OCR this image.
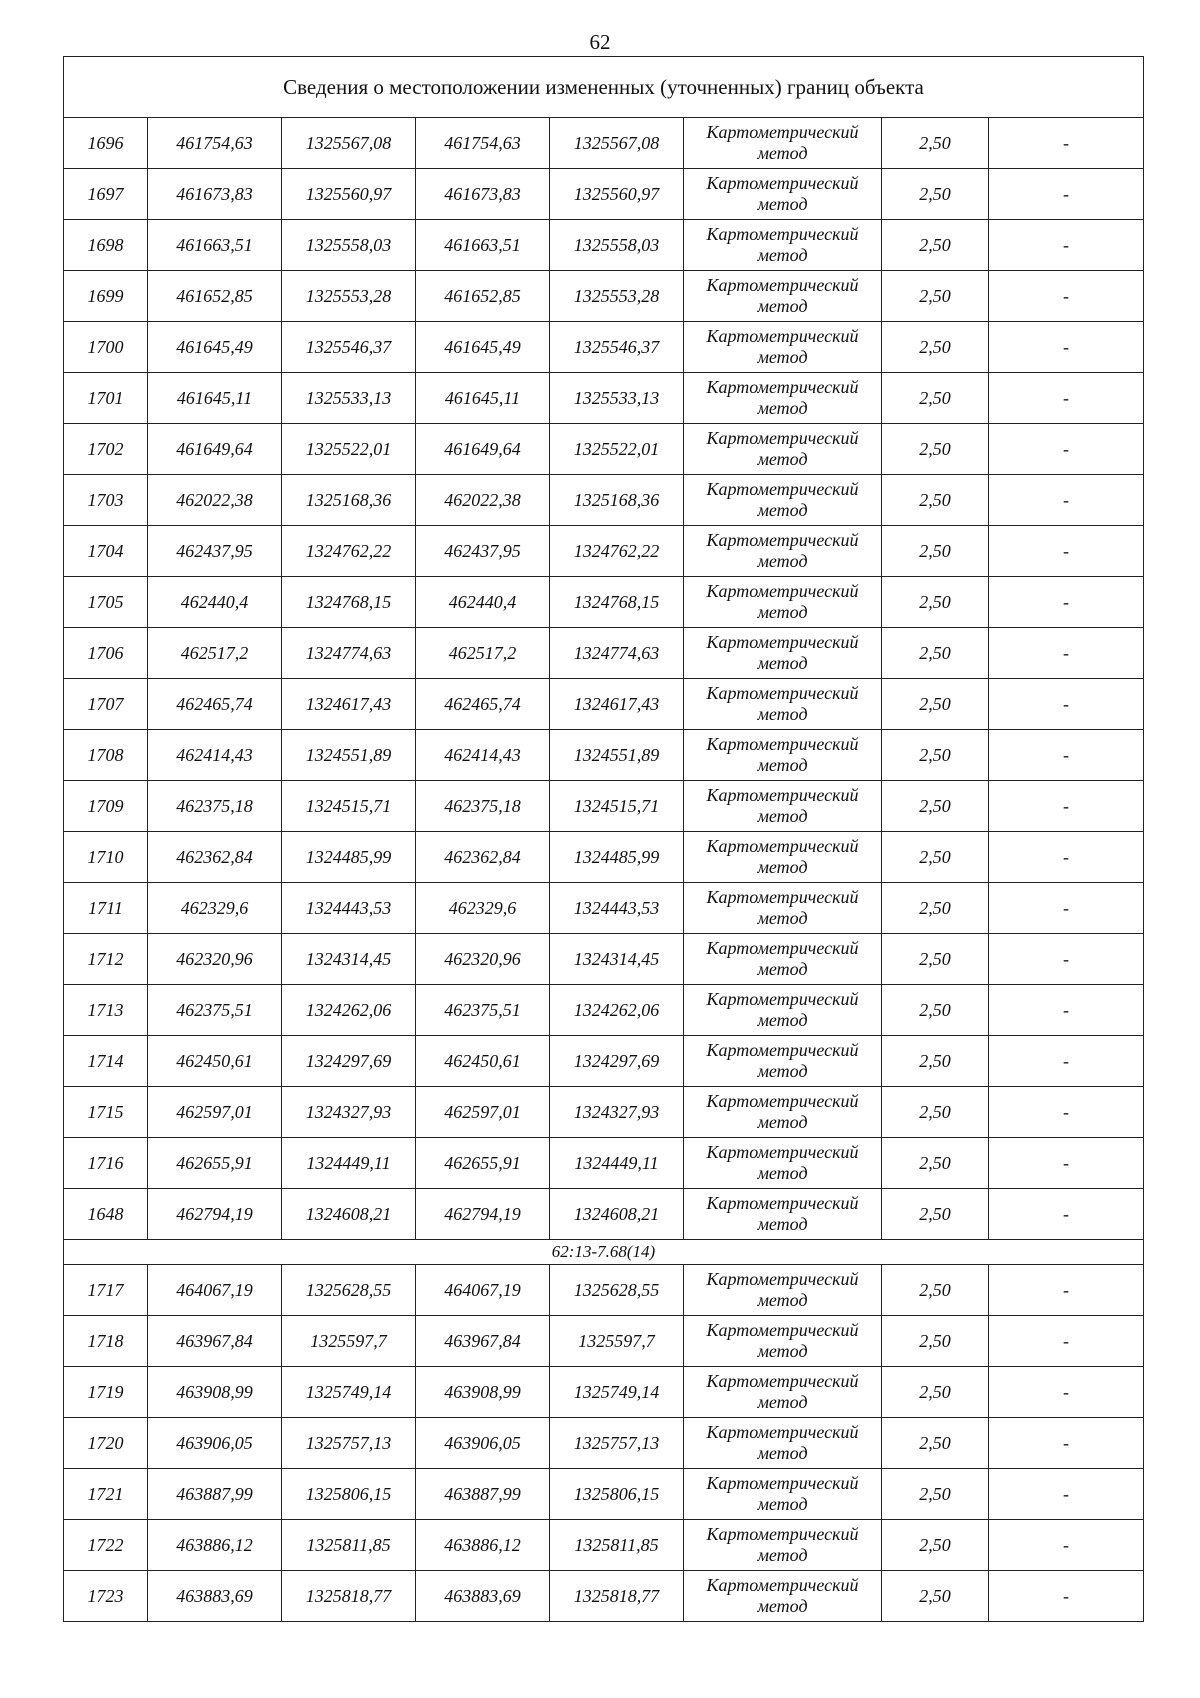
62
Сведения о местоположении измененных (уточненных) границ объекта							
1696	461754,63	1325567,08	461754,63	1325567,08	Картометрический
метод	2,50	-
1697	461673,83	1325560,97	461673,83	1325560,97	Картометрический
метод	2,50	-
1698	461663,51	1325558,03	461663,51	1325558,03	Картометрический
метод	2,50	-
1699	461652,85	1325553,28	461652,85	1325553,28	Картометрический
метод	2,50	-
1700	461645,49	1325546,37	461645,49	1325546,37	Картометрический
метод	2,50	-
1701	461645,11	1325533,13	461645,11	1325533,13	Картометрический
метод	2,50	-
1702	461649,64	1325522,01	461649,64	1325522,01	Картометрический
метод	2,50	-
1703	462022,38	1325168,36	462022,38	1325168,36	Картометрический
метод	2,50	-
1704	462437,95	1324762,22	462437,95	1324762,22	Картометрический
метод	2,50	-
1705	462440,4	1324768,15	462440,4	1324768,15	Картометрический
метод	2,50	-
1706	462517,2	1324774,63	462517,2	1324774,63	Картометрический
метод	2,50	-
1707	462465,74	1324617,43	462465,74	1324617,43	Картометрический
метод	2,50	-
1708	462414,43	1324551,89	462414,43	1324551,89	Картометрический
метод	2,50	-
1709	462375,18	1324515,71	462375,18	1324515,71	Картометрический
метод	2,50	-
1710	462362,84	1324485,99	462362,84	1324485,99	Картометрический
метод	2,50	-
1711	462329,6	1324443,53	462329,6	1324443,53	Картометрический
метод	2,50	-
1712	462320,96	1324314,45	462320,96	1324314,45	Картометрический
метод	2,50	-
1713	462375,51	1324262,06	462375,51	1324262,06	Картометрический
метод	2,50	-
1714	462450,61	1324297,69	462450,61	1324297,69	Картометрический
метод	2,50	-
1715	462597,01	1324327,93	462597,01	1324327,93	Картометрический
метод	2,50	-
1716	462655,91	1324449,11	462655,91	1324449,11	Картометрический
метод	2,50	-
1648	462794,19	1324608,21	462794,19	1324608,21	Картометрический
метод	2,50	-
62:13-7.68(14)							
1717	464067,19	1325628,55	464067,19	1325628,55	Картометрический
метод	2,50	-
1718	463967,84	1325597,7	463967,84	1325597,7	Картометрический
метод	2,50	-
1719	463908,99	1325749,14	463908,99	1325749,14	Картометрический
метод	2,50	-
1720	463906,05	1325757,13	463906,05	1325757,13	Картометрический
метод	2,50	-
1721	463887,99	1325806,15	463887,99	1325806,15	Картометрический
метод	2,50	-
1722	463886,12	1325811,85	463886,12	1325811,85	Картометрический
метод	2,50	-
1723	463883,69	1325818,77	463883,69	1325818,77	Картометрический
метод	2,50	-
